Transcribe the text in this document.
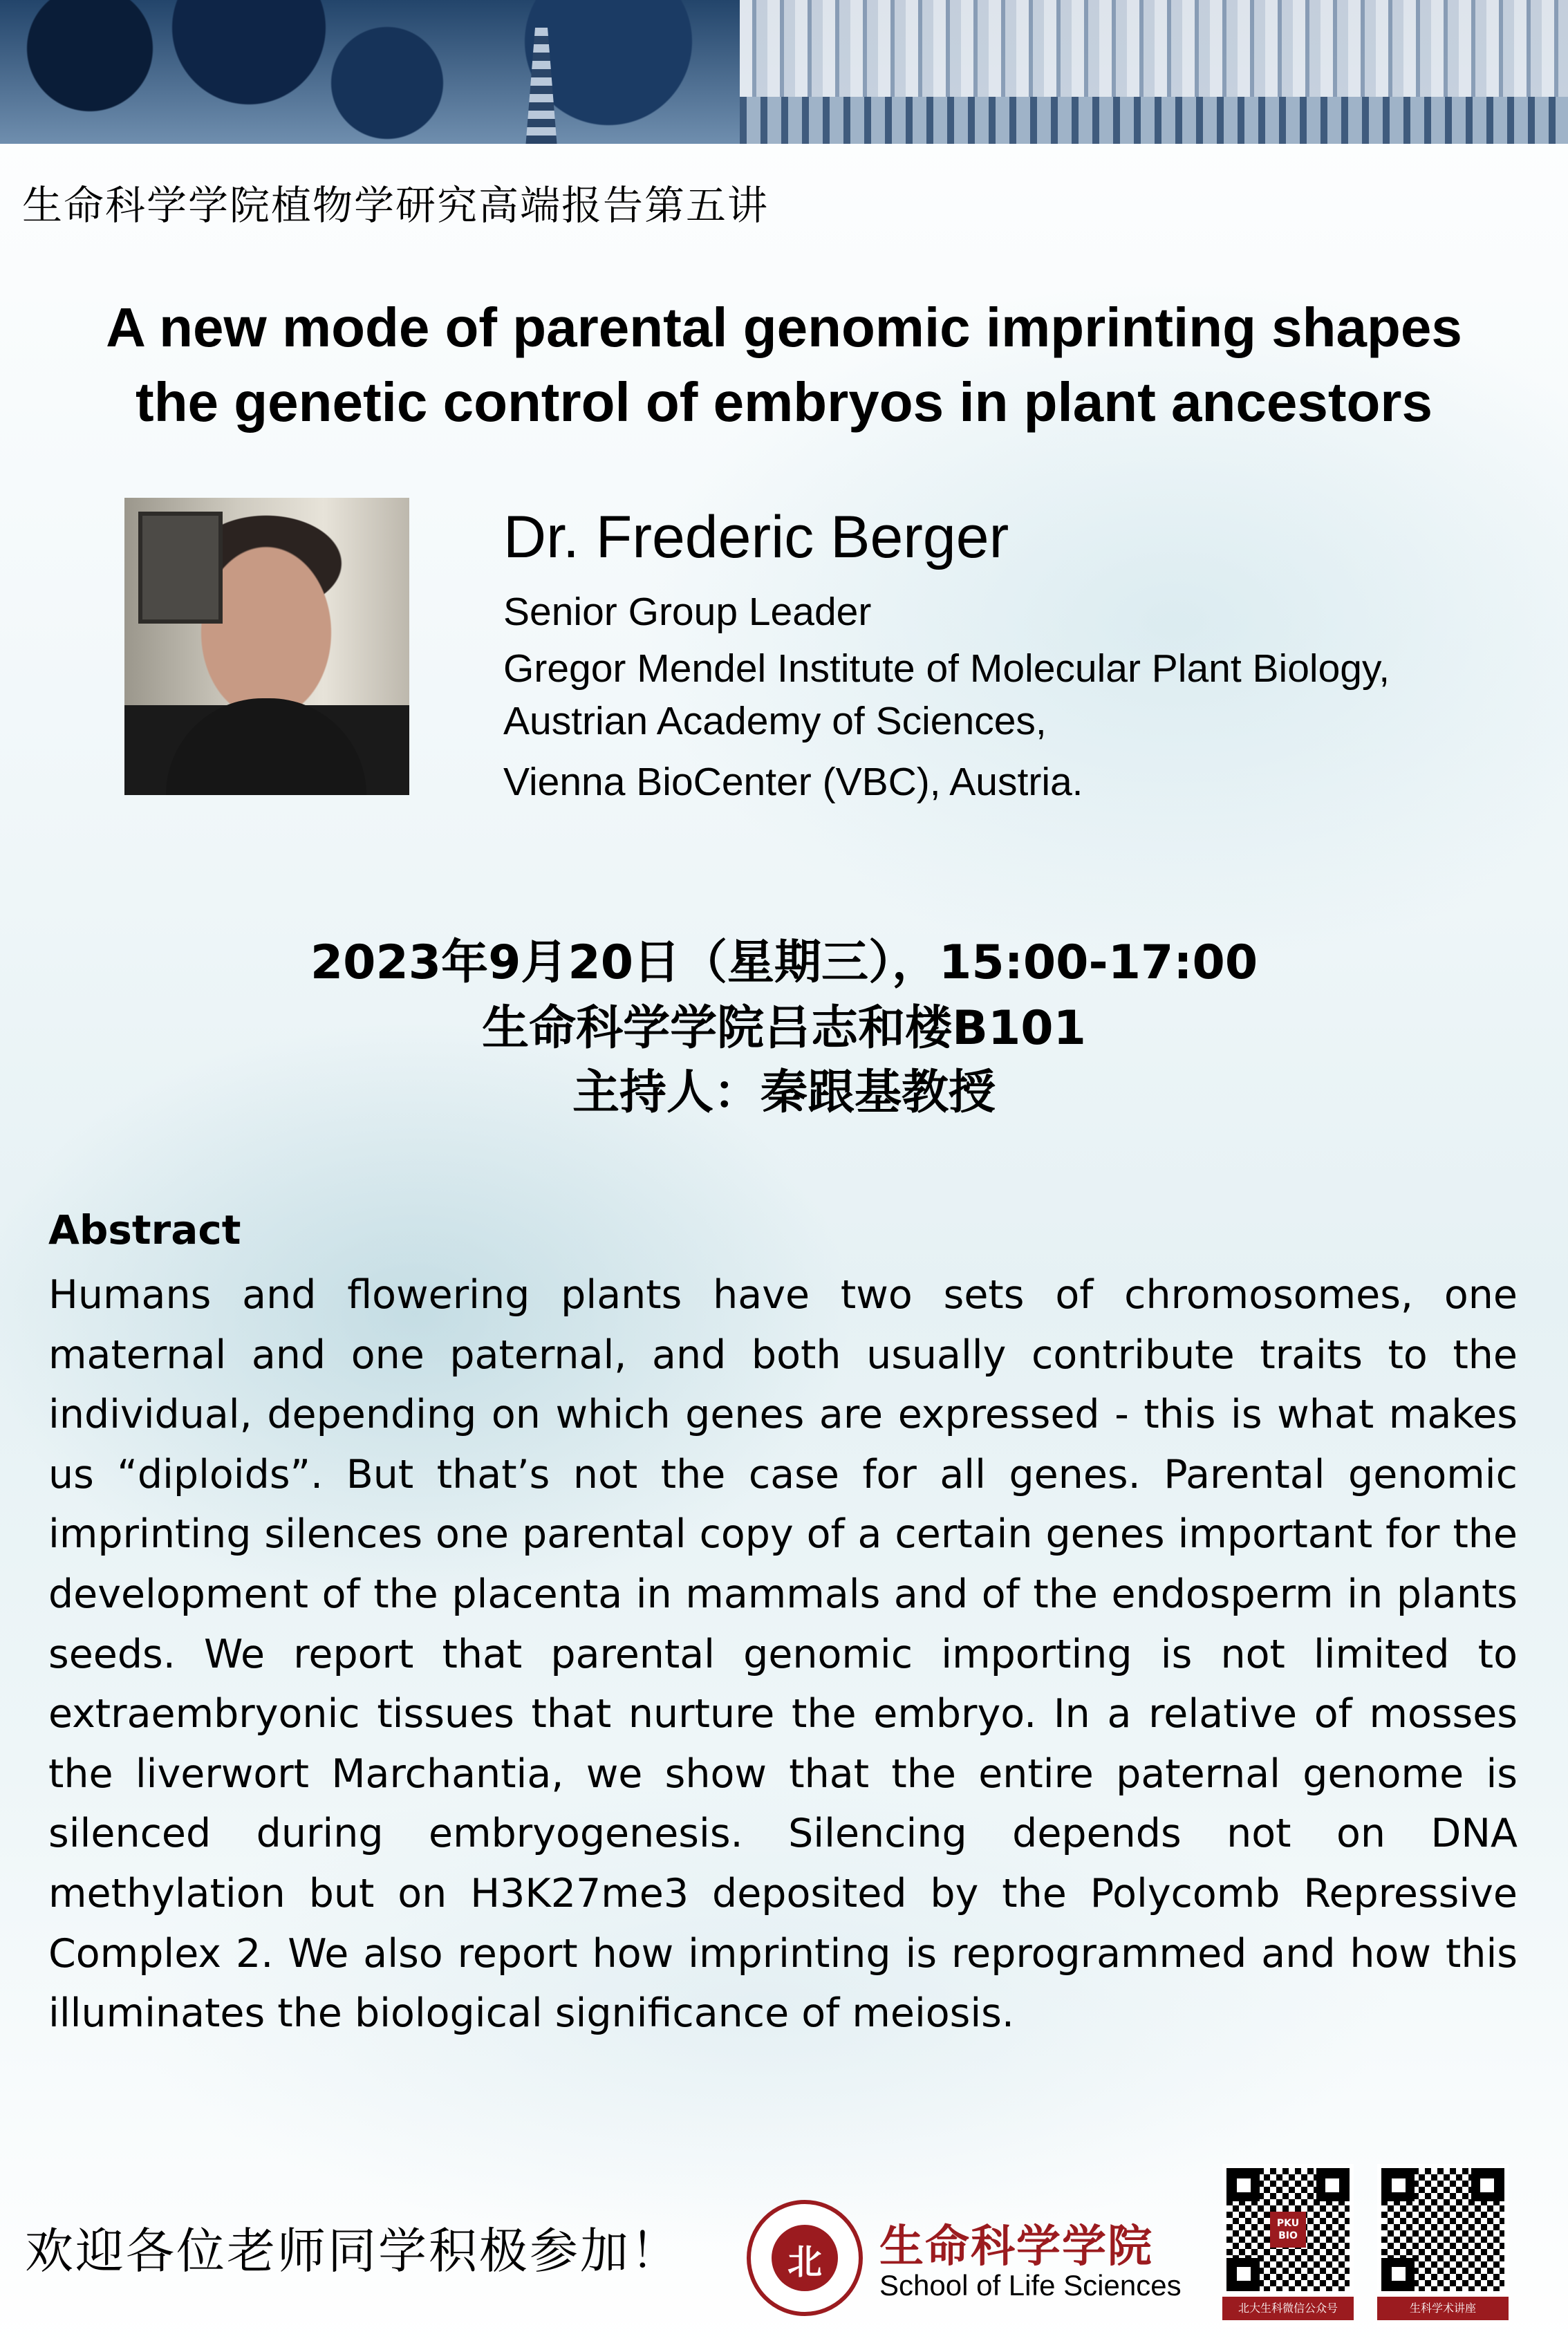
生命科学学院植物学研究高端报告第五讲
A new mode of parental genomic imprinting shapes
the genetic control of embryos in plant ancestors
Dr. Frederic Berger
Senior Group Leader
Gregor Mendel Institute of Molecular Plant Biology,
Austrian Academy of Sciences,
Vienna BioCenter (VBC), Austria.
2023年9月20日（星期三），15:00-17:00
生命科学学院吕志和楼B101
主持人：秦跟基教授
Abstract
Humans and flowering plants have two sets of chromosomes, one maternal and one paternal, and both usually contribute traits to the individual, depending on which genes are expressed - this is what makes us “diploids”. But that’s not the case for all genes. Parental genomic imprinting silences one parental copy of a certain genes important for the development of the placenta in mammals and of the endosperm in plants seeds. We report that parental genomic importing is not limited to extraembryonic tissues that nurture the embryo. In a relative of mosses the liverwort Marchantia, we show that the entire paternal genome is silenced during embryogenesis. Silencing depends not on DNA methylation but on H3K27me3 deposited by the Polycomb Repressive Complex 2. We also report how imprinting is reprogrammed and how this illuminates the biological significance of meiosis.
欢迎各位老师同学积极参加！	北	生命科学学院
School of Life Sciences
PKU BIO
北大生科微信公众号	生科学术讲座
